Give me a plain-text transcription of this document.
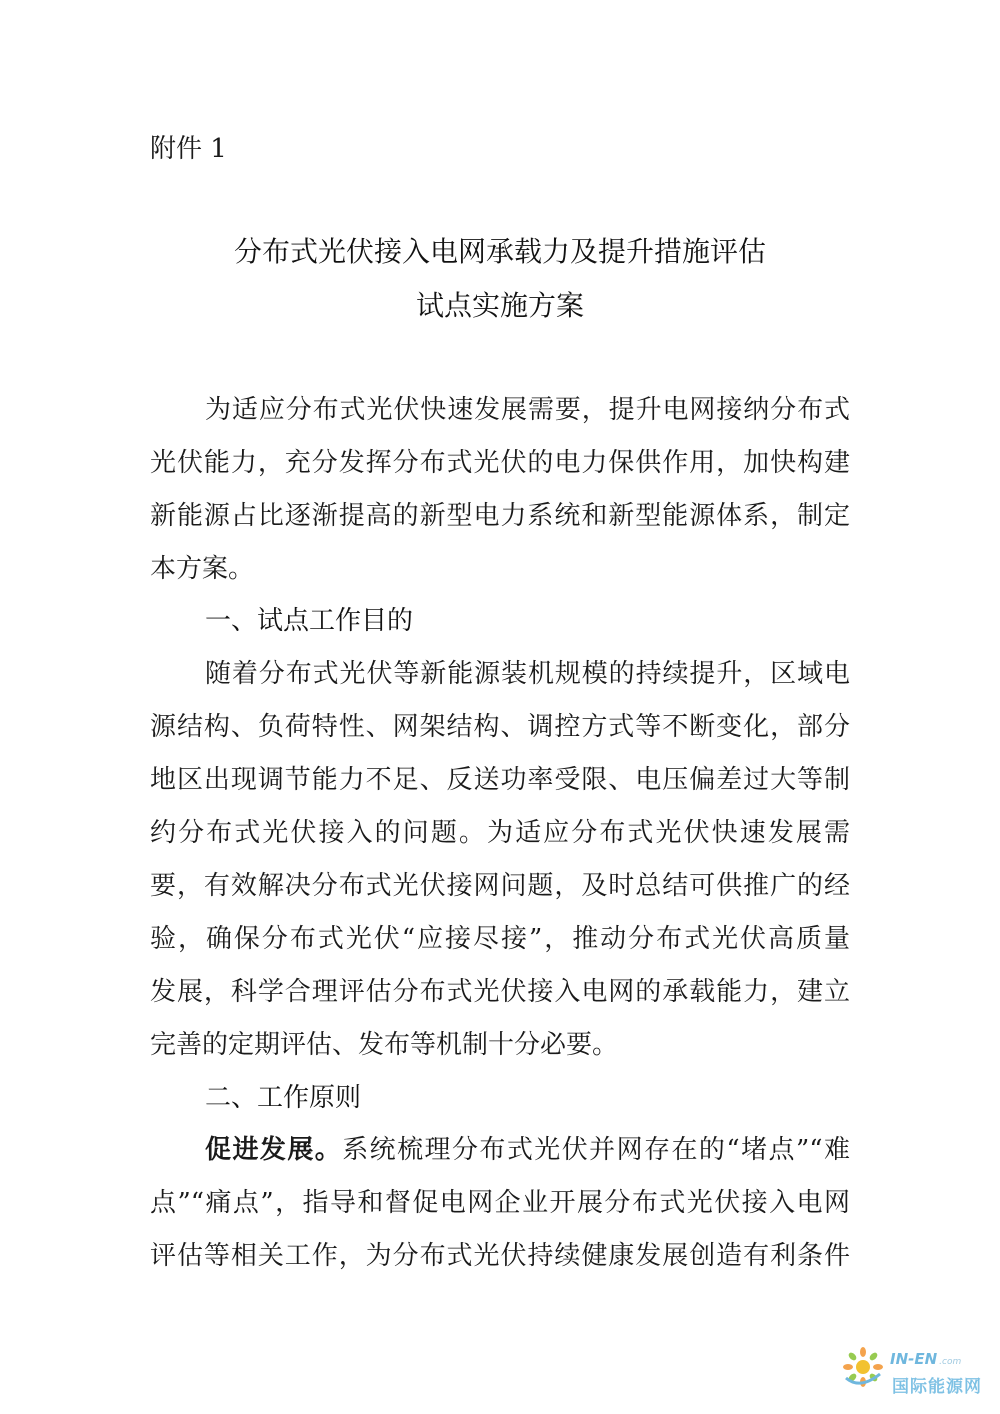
附件 1
分布式光伏接入电网承载力及提升措施评估
试点实施方案
为适应分布式光伏快速发展需要，提升电网接纳分布式
光伏能力，充分发挥分布式光伏的电力保供作用，加快构建
新能源占比逐渐提高的新型电力系统和新型能源体系，制定
本方案。
一、试点工作目的
随着分布式光伏等新能源装机规模的持续提升，区域电
源结构、负荷特性、网架结构、调控方式等不断变化，部分
地区出现调节能力不足、反送功率受限、电压偏差过大等制
约分布式光伏接入的问题。为适应分布式光伏快速发展需
要，有效解决分布式光伏接网问题，及时总结可供推广的经
验，确保分布式光伏“应接尽接”，推动分布式光伏高质量
发展，科学合理评估分布式光伏接入电网的承载能力，建立
完善的定期评估、发布等机制十分必要。
二、工作原则
促进发展。系统梳理分布式光伏并网存在的“堵点”“难
点”“痛点”，指导和督促电网企业开展分布式光伏接入电网
评估等相关工作，为分布式光伏持续健康发展创造有利条件
IN-EN .com
国际能源网
